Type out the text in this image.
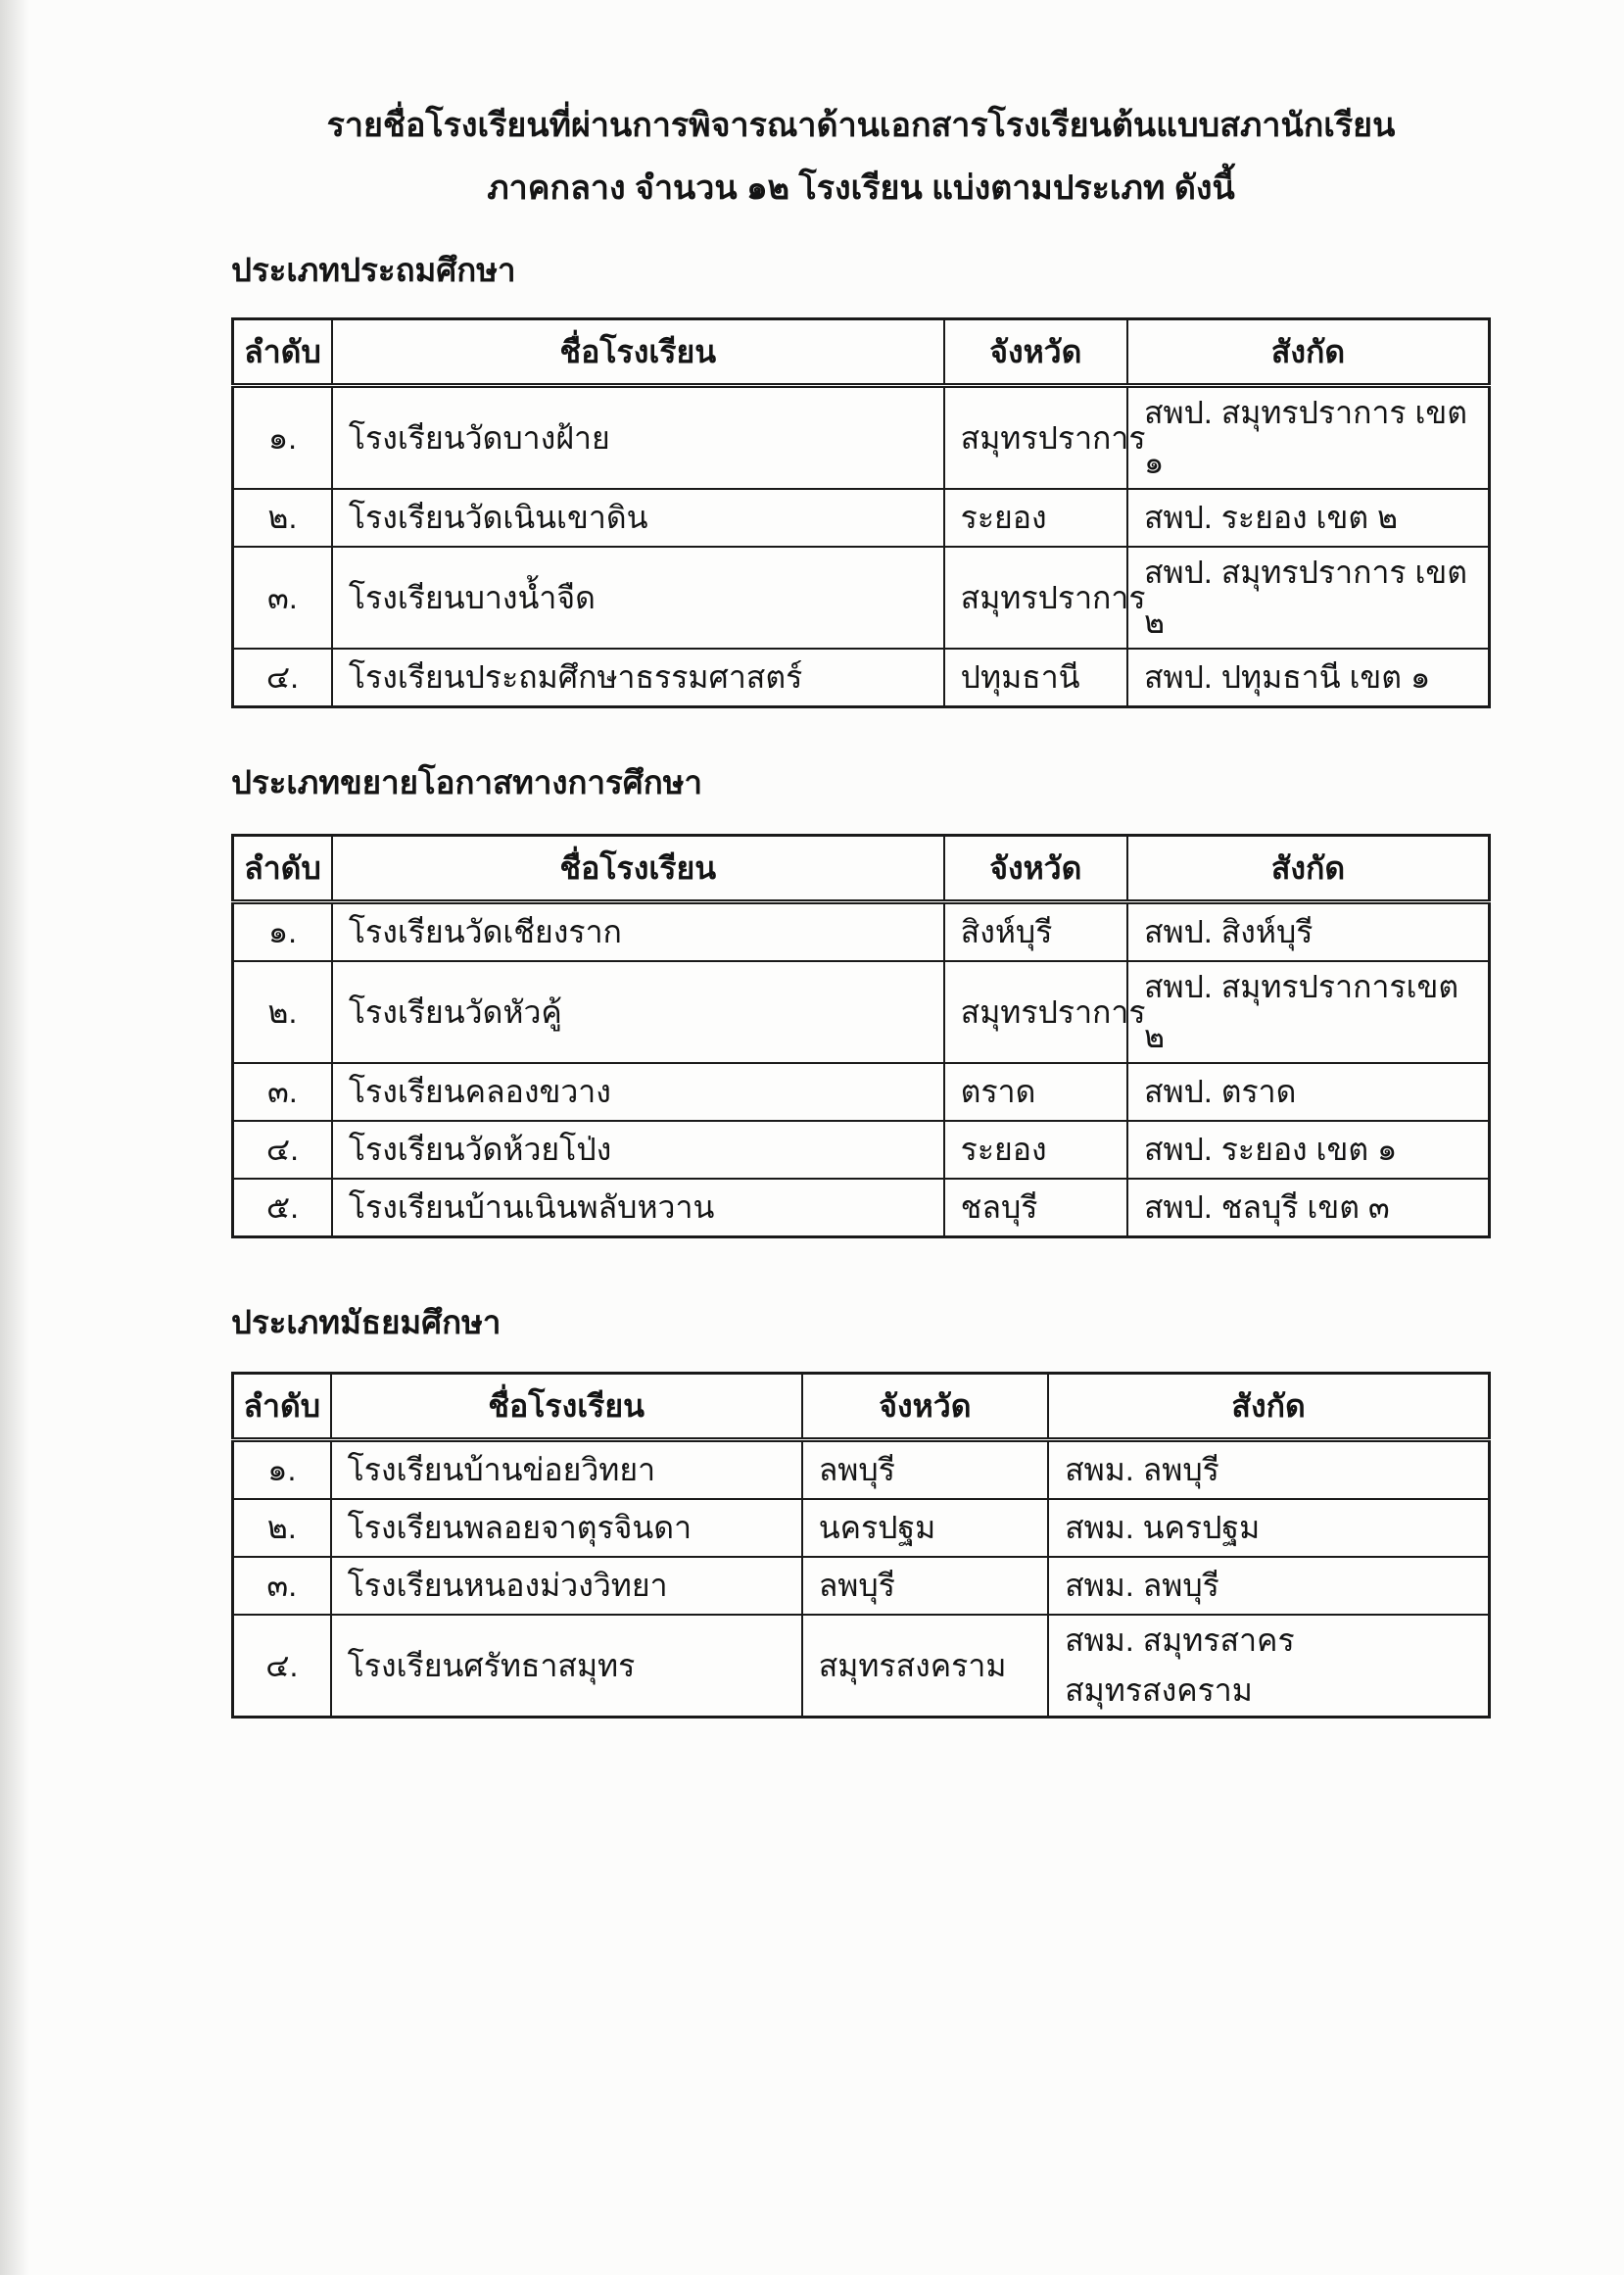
รายชื่อโรงเรียนที่ผ่านการพิจารณาด้านเอกสารโรงเรียนต้นแบบสภานักเรียน
ภาคกลาง จำนวน ๑๒ โรงเรียน แบ่งตามประเภท ดังนี้
ประเภทประถมศึกษา
ลำดับ	ชื่อโรงเรียน	จังหวัด	สังกัด
๑.	โรงเรียนวัดบางฝ้าย	สมุทรปราการ	สพป. สมุทรปราการ เขต ๑
๒.	โรงเรียนวัดเนินเขาดิน	ระยอง	สพป. ระยอง เขต ๒
๓.	โรงเรียนบางน้ำจืด	สมุทรปราการ	สพป. สมุทรปราการ เขต ๒
๔.	โรงเรียนประถมศึกษาธรรมศาสตร์	ปทุมธานี	สพป. ปทุมธานี เขต ๑
ประเภทขยายโอกาสทางการศึกษา
ลำดับ	ชื่อโรงเรียน	จังหวัด	สังกัด
๑.	โรงเรียนวัดเชียงราก	สิงห์บุรี	สพป. สิงห์บุรี
๒.	โรงเรียนวัดหัวคู้	สมุทรปราการ	สพป. สมุทรปราการเขต ๒
๓.	โรงเรียนคลองขวาง	ตราด	สพป. ตราด
๔.	โรงเรียนวัดห้วยโป่ง	ระยอง	สพป. ระยอง เขต ๑
๕.	โรงเรียนบ้านเนินพลับหวาน	ชลบุรี	สพป. ชลบุรี เขต ๓
ประเภทมัธยมศึกษา
ลำดับ	ชื่อโรงเรียน	จังหวัด	สังกัด
๑.	โรงเรียนบ้านข่อยวิทยา	ลพบุรี	สพม. ลพบุรี
๒.	โรงเรียนพลอยจาตุรจินดา	นครปฐม	สพม. นครปฐม
๓.	โรงเรียนหนองม่วงวิทยา	ลพบุรี	สพม. ลพบุรี
๔.	โรงเรียนศรัทธาสมุทร	สมุทรสงคราม	สพม. สมุทรสาคร สมุทรสงคราม
